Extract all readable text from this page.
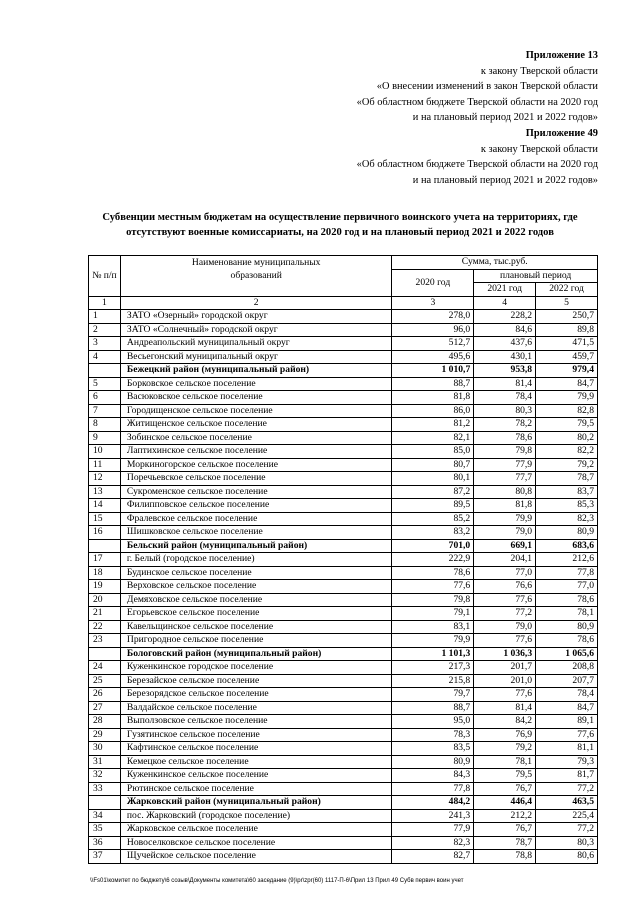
Приложение 13
к закону Тверской области
«О внесении изменений в закон Тверской области
«Об областном бюджете Тверской области на 2020 год
и на плановый период 2021 и 2022 годов»
Приложение 49
к закону Тверской области
«Об областном бюджете Тверской области на 2020 год
и на плановый период 2021 и 2022 годов»
Субвенции местным бюджетам на осуществление первичного воинского учета на территориях, где
отсутствуют военные комиссариаты, на 2020 год и на плановый период 2021 и 2022 годов
№ п/п	Наименование муниципальных образований	Сумма, тыс.руб.		
		2020 год	плановый период	
			2021 год	2022 год
1	2	3	4	5
1	ЗАТО «Озерный» городской округ	278,0	228,2	250,7
2	ЗАТО «Солнечный» городской округ	96,0	84,6	89,8
3	Андреапольский муниципальный округ	512,7	437,6	471,5
4	Весьегонский муниципальный округ	495,6	430,1	459,7
	Бежецкий район (муниципальный район)	1 010,7	953,8	979,4
5	Борковское сельское поселение	88,7	81,4	84,7
6	Васюковское сельское поселение	81,8	78,4	79,9
7	Городищенское сельское поселение	86,0	80,3	82,8
8	Житищенское сельское поселение	81,2	78,2	79,5
9	Зобинское сельское поселение	82,1	78,6	80,2
10	Лаптихинское сельское поселение	85,0	79,8	82,2
11	Моркиногорское сельское поселение	80,7	77,9	79,2
12	Поречьевское сельское поселение	80,1	77,7	78,7
13	Сукроменское сельское поселение	87,2	80,8	83,7
14	Филипповское сельское поселение	89,5	81,8	85,3
15	Фралевское сельское поселение	85,2	79,9	82,3
16	Шишковское сельское поселение	83,2	79,0	80,9
	Бельский район (муниципальный район)	701,0	669,1	683,6
17	г. Белый (городское поселение)	222,9	204,1	212,6
18	Будинское сельское поселение	78,6	77,0	77,8
19	Верховское сельское поселение	77,6	76,6	77,0
20	Демяховское сельское поселение	79,8	77,6	78,6
21	Егорьевское сельское поселение	79,1	77,2	78,1
22	Кавельщинское сельское поселение	83,1	79,0	80,9
23	Пригородное сельское поселение	79,9	77,6	78,6
	Бологовский район (муниципальный район)	1 101,3	1 036,3	1 065,6
24	Куженкинское городское поселение	217,3	201,7	208,8
25	Березайское сельское поселение	215,8	201,0	207,7
26	Березорядское сельское поселение	79,7	77,6	78,4
27	Валдайское сельское поселение	88,7	81,4	84,7
28	Выползовское сельское поселение	95,0	84,2	89,1
29	Гузятинское сельское поселение	78,3	76,9	77,6
30	Кафтинское сельское поселение	83,5	79,2	81,1
31	Кемецкое сельское поселение	80,9	78,1	79,3
32	Куженкинское сельское поселение	84,3	79,5	81,7
33	Рютинское сельское поселение	77,8	76,7	77,2
	Жарковский район (муниципальный район)	484,2	446,4	463,5
34	пос. Жарковский (городское поселение)	241,3	212,2	225,4
35	Жарковское сельское поселение	77,9	76,7	77,2
36	Новоселковское сельское поселение	82,3	78,7	80,3
37	Щучейское сельское поселение	82,7	78,8	80,6
\\Fs01\комитет по бюджету\6 созыв\Документы комитета\60 заседание (9)\pr\zpr(60) 1117-П-6\Прил 13 Прил 49 Субв первич воин учет
